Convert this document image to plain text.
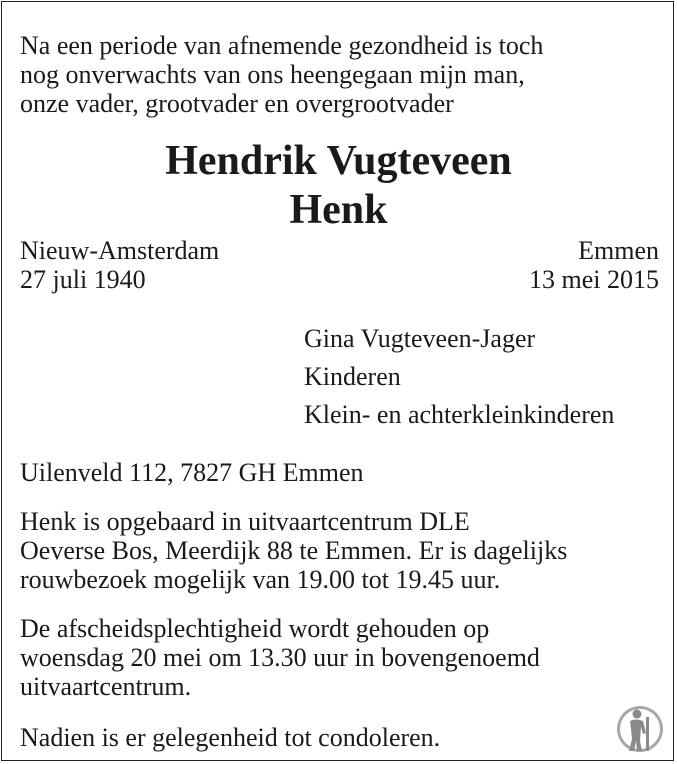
Na een periode van afnemende gezondheid is toch
nog onverwachts van ons heengegaan mijn man,
onze vader, grootvader en overgrootvader
Hendrik Vugteveen
Henk
Nieuw-Amsterdam
27 juli 1940
Emmen
13 mei 2015
Gina Vugteveen-Jager
Kinderen
Klein- en achterkleinkinderen
Uilenveld 112, 7827 GH Emmen
Henk is opgebaard in uitvaartcentrum DLE
Oeverse Bos, Meerdijk 88 te Emmen. Er is dagelijks
rouwbezoek mogelijk van 19.00 tot 19.45 uur.
De afscheidsplechtigheid wordt gehouden op
woensdag 20 mei om 13.30 uur in bovengenoemd
uitvaartcentrum.
Nadien is er gelegenheid tot condoleren.
